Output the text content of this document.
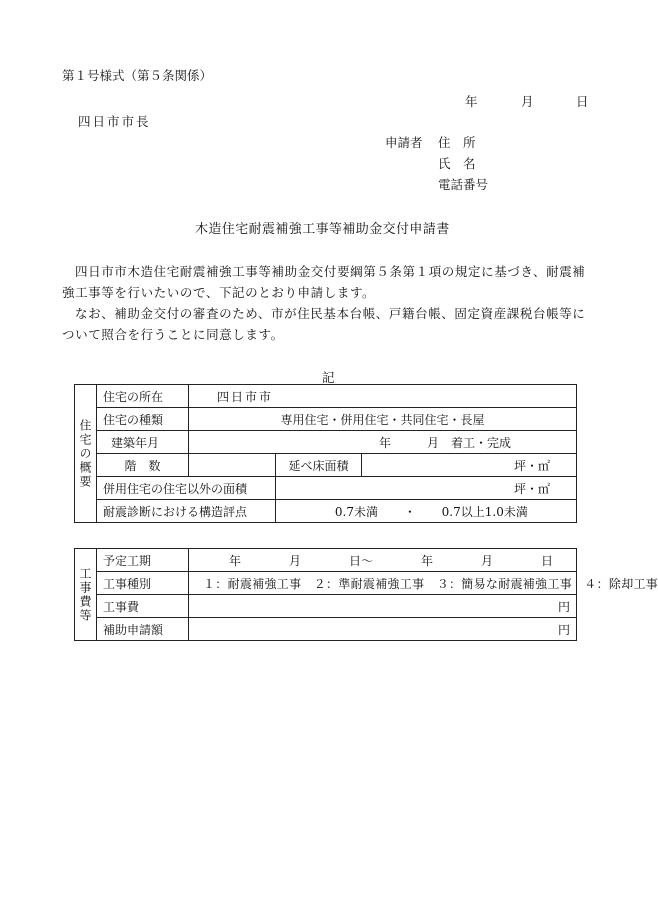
第１号様式（第５条関係）
年	月	日
四日市市長
申請者 住　所
氏　名
電話番号
木造住宅耐震補強工事等補助金交付申請書

四日市市木造住宅耐震補強工事等補助金交付要綱第５条第１項の規定に基づき、耐震補強工事等を行いたいので、下記のとおり申請します。

なお、補助金交付の審査のため、市が住民基本台帳、戸籍台帳、固定資産課税台帳等について照合を行うことに同意します。

記
住宅の概要	住宅の所在	四日市市		
	住宅の種類	専用住宅・併用住宅・共同住宅・長屋		
	建築年月	年　　　月　着工・完成		
	階　数		延べ床面積	坪・㎡
	併用住宅の住宅以外の面積		坪・㎡	
	耐震診断における構造評点		0.7未満 ・ 0.7以上1.0未満	
工事費等	予定工期	年　　　　月　　　　日～　　　　年　　　　月　　　　日
	工事種別	１：耐震補強工事　２：準耐震補強工事　３：簡易な耐震補強工事　４：除却工事
	工事費	円
	補助申請額	円
